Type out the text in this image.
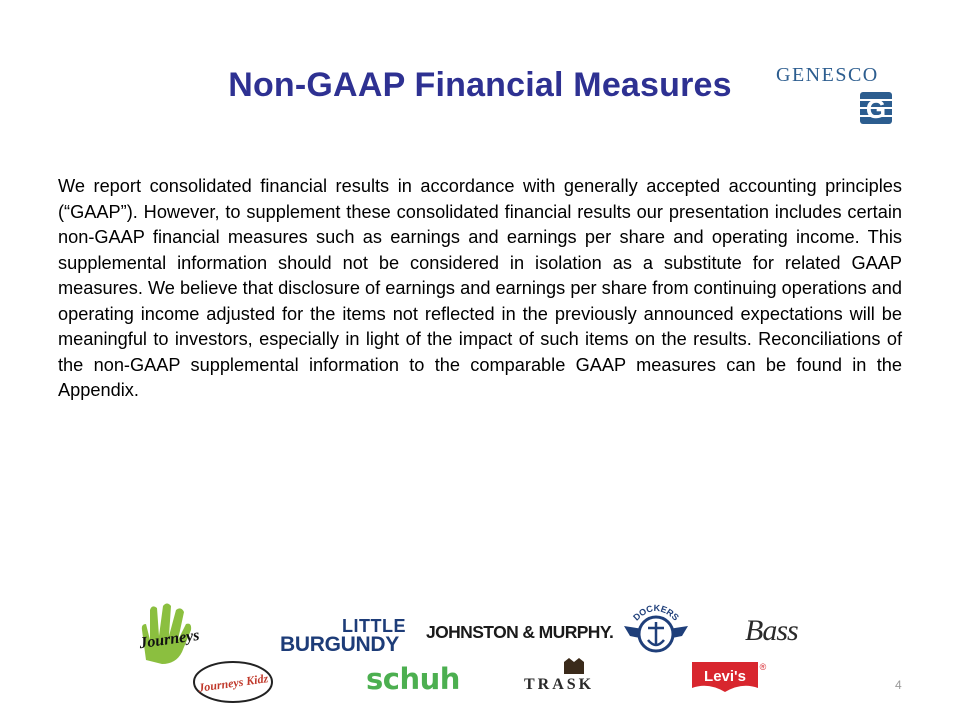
Non-GAAP Financial Measures	GENESCO
G
We report consolidated financial results in accordance with generally accepted accounting principles (“GAAP”). However, to supplement these consolidated financial results our presentation includes certain non-GAAP financial measures such as earnings and earnings per share and operating income. This supplemental information should not be considered in isolation as a substitute for related GAAP measures. We believe that disclosure of earnings and earnings per share from continuing operations and operating income adjusted for the items not reflected in the previously announced expectations will be meaningful to investors, especially in light of the impact of such items on the results. Reconciliations of the non-GAAP supplemental information to the comparable GAAP measures can be found in the Appendix.
Journeys
LITTLE
BURGUNDY
JOHNSTON & MURPHY.
DOCKERS Bass
Journeys Kidz	schuh	TRASK	Levi's
®
4
